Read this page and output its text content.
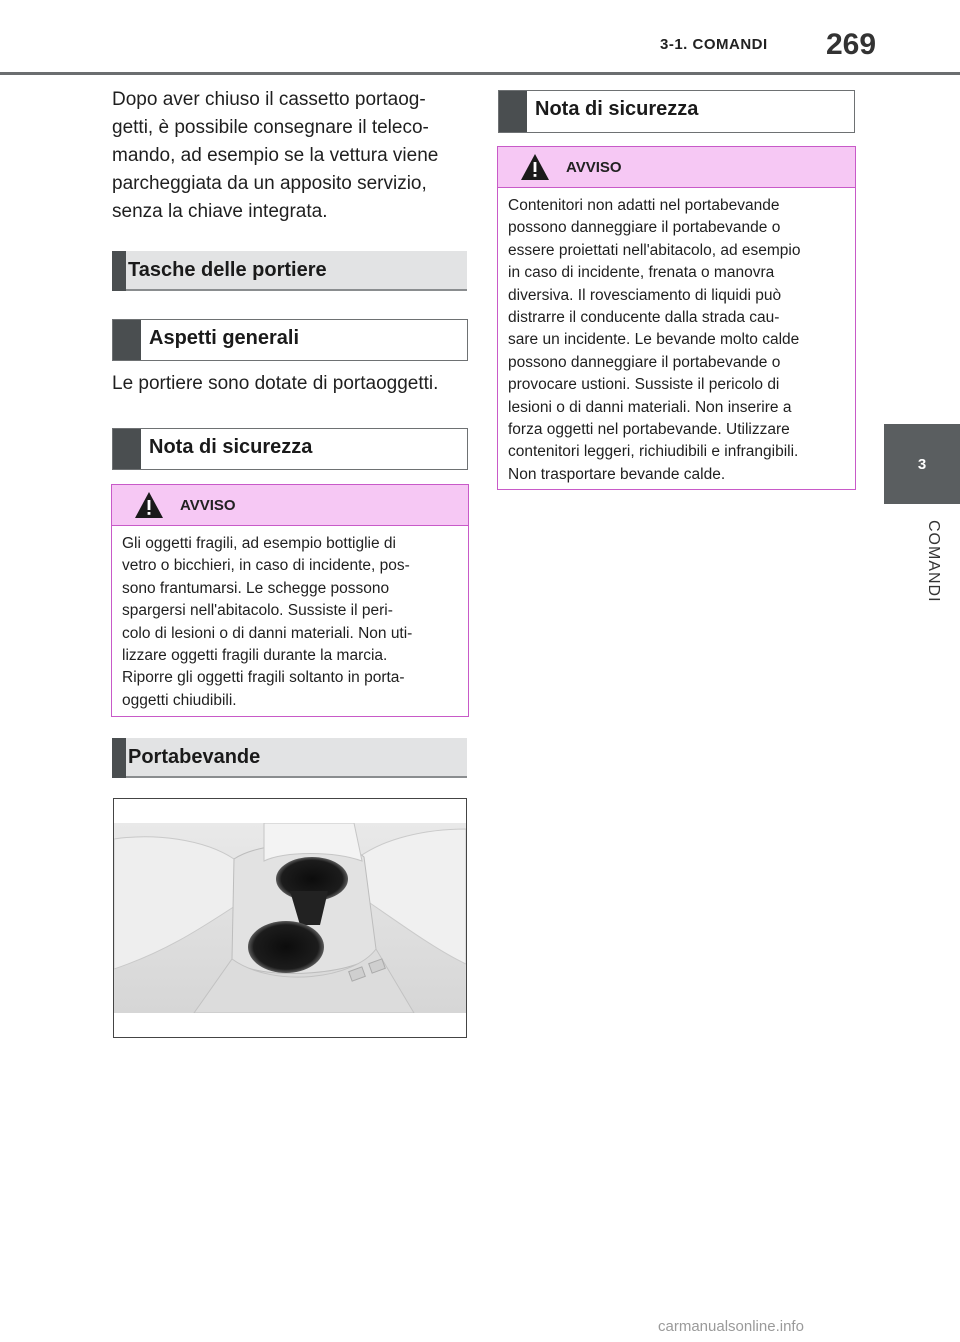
3-1. COMANDI 269
3
COMANDI
Dopo aver chiuso il cassetto portaog-
getti, è possibile consegnare il teleco-
mando, ad esempio se la vettura viene
parcheggiata da un apposito servizio,
senza la chiave integrata.
Tasche delle portiere
Aspetti generali
Le portiere sono dotate di portaoggetti.
Nota di sicurezza
AVVISO
Gli oggetti fragili, ad esempio bottiglie di
vetro o bicchieri, in caso di incidente, pos-
sono frantumarsi. Le schegge possono
spargersi nell'abitacolo. Sussiste il peri-
colo di lesioni o di danni materiali. Non uti-
lizzare oggetti fragili durante la marcia.
Riporre gli oggetti fragili soltanto in porta-
oggetti chiudibili.
Portabevande
Nota di sicurezza
AVVISO
Contenitori non adatti nel portabevande
possono danneggiare il portabevande o
essere proiettati nell'abitacolo, ad esempio
in caso di incidente, frenata o manovra
diversiva. Il rovesciamento di liquidi può
distrarre il conducente dalla strada cau-
sare un incidente. Le bevande molto calde
possono danneggiare il portabevande o
provocare ustioni. Sussiste il pericolo di
lesioni o di danni materiali. Non inserire a
forza oggetti nel portabevande. Utilizzare
contenitori leggeri, richiudibili e infrangibili.
Non trasportare bevande calde.
carmanualsonline.info
